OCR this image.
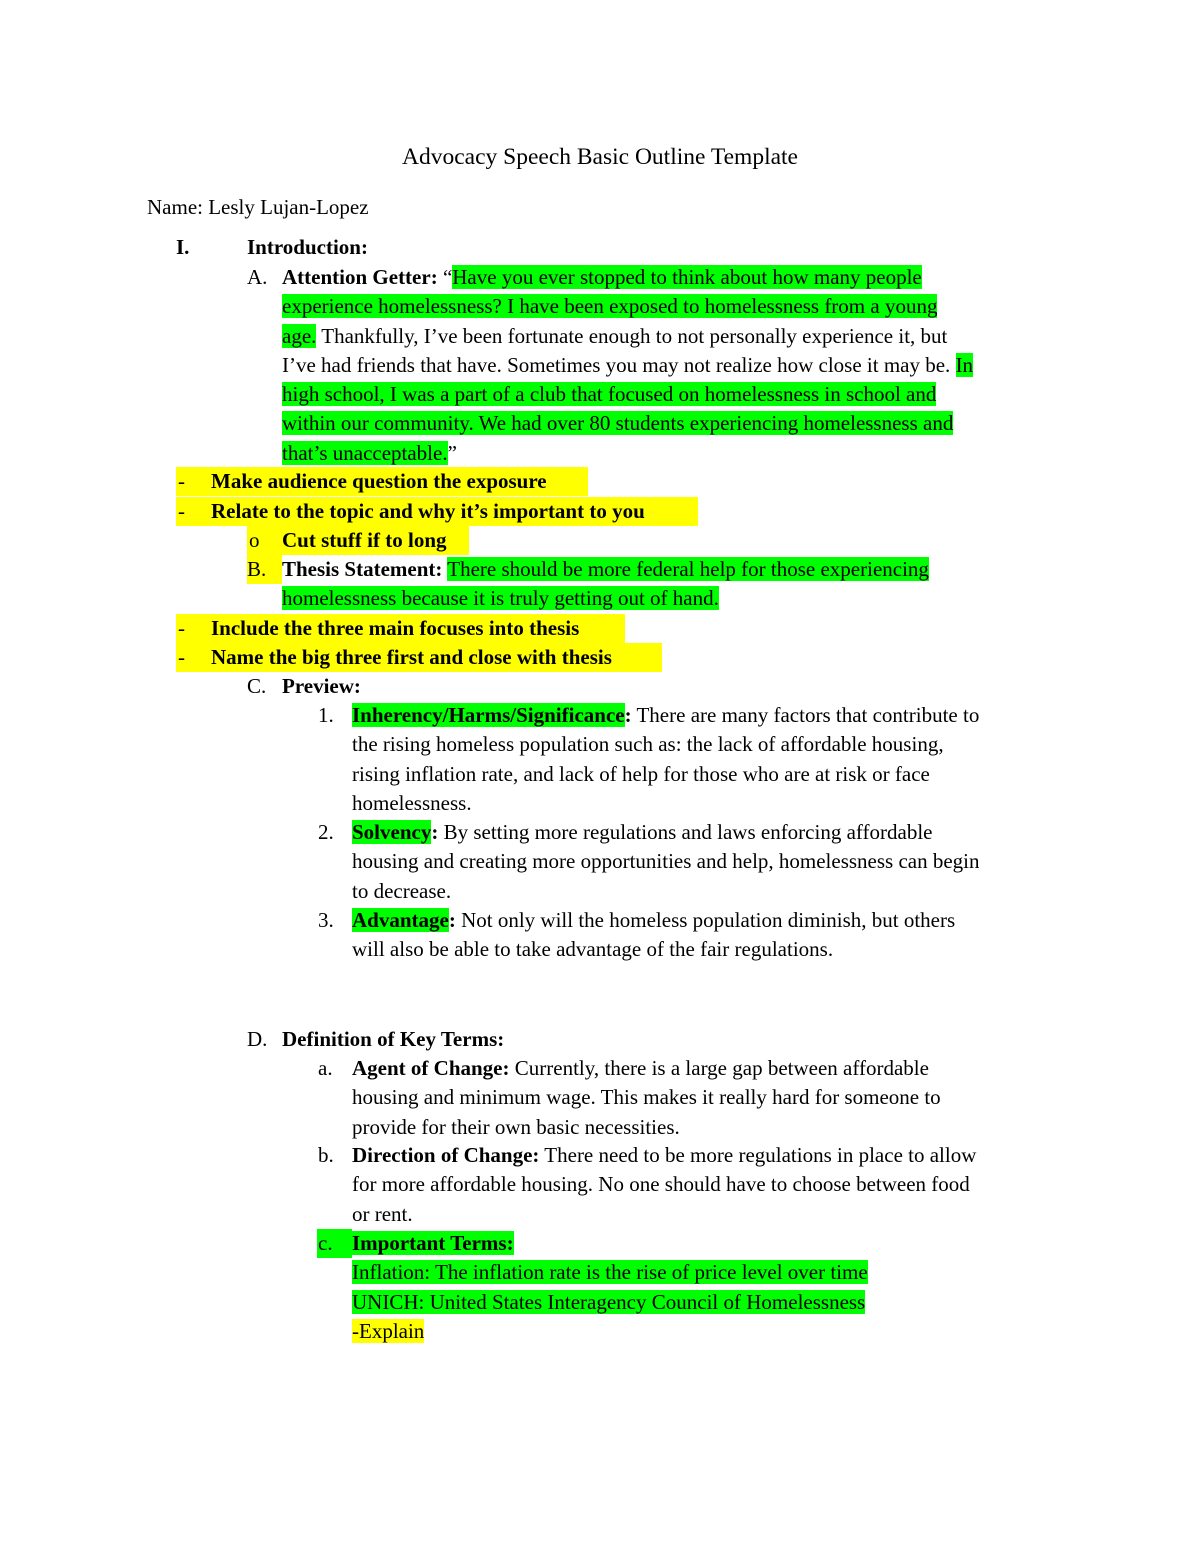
Advocacy Speech Basic Outline Template
Name: Lesly Lujan-Lopez
I.	Introduction:
A. Attention Getter: “Have you ever stopped to think about how many people
experience homelessness? I have been exposed to homelessness from a young
age. Thankfully, I’ve been fortunate enough to not personally experience it, but
I’ve had friends that have. Sometimes you may not realize how close it may be. In
high school, I was a part of a club that focused on homelessness in school and
within our community. We had over 80 students experiencing homelessness and
that’s unacceptable.”
- Make audience question the exposure
- Relate to the topic and why it’s important to you
o Cut stuff if to long
B. Thesis Statement: There should be more federal help for those experiencing
homelessness because it is truly getting out of hand.
- Include the three main focuses into thesis
- Name the big three first and close with thesis
C. Preview:
1. Inherency/Harms/Significance: There are many factors that contribute to
the rising homeless population such as: the lack of affordable housing,
rising inflation rate, and lack of help for those who are at risk or face
homelessness.
2. Solvency: By setting more regulations and laws enforcing affordable
housing and creating more opportunities and help, homelessness can begin
to decrease.
3. Advantage: Not only will the homeless population diminish, but others
will also be able to take advantage of the fair regulations.
D. Definition of Key Terms:
a. Agent of Change: Currently, there is a large gap between affordable
housing and minimum wage. This makes it really hard for someone to
provide for their own basic necessities.
b. Direction of Change: There need to be more regulations in place to allow
for more affordable housing. No one should have to choose between food
or rent.
c. Important Terms:
Inflation: The inflation rate is the rise of price level over time
UNICH: United States Interagency Council of Homelessness
-Explain
